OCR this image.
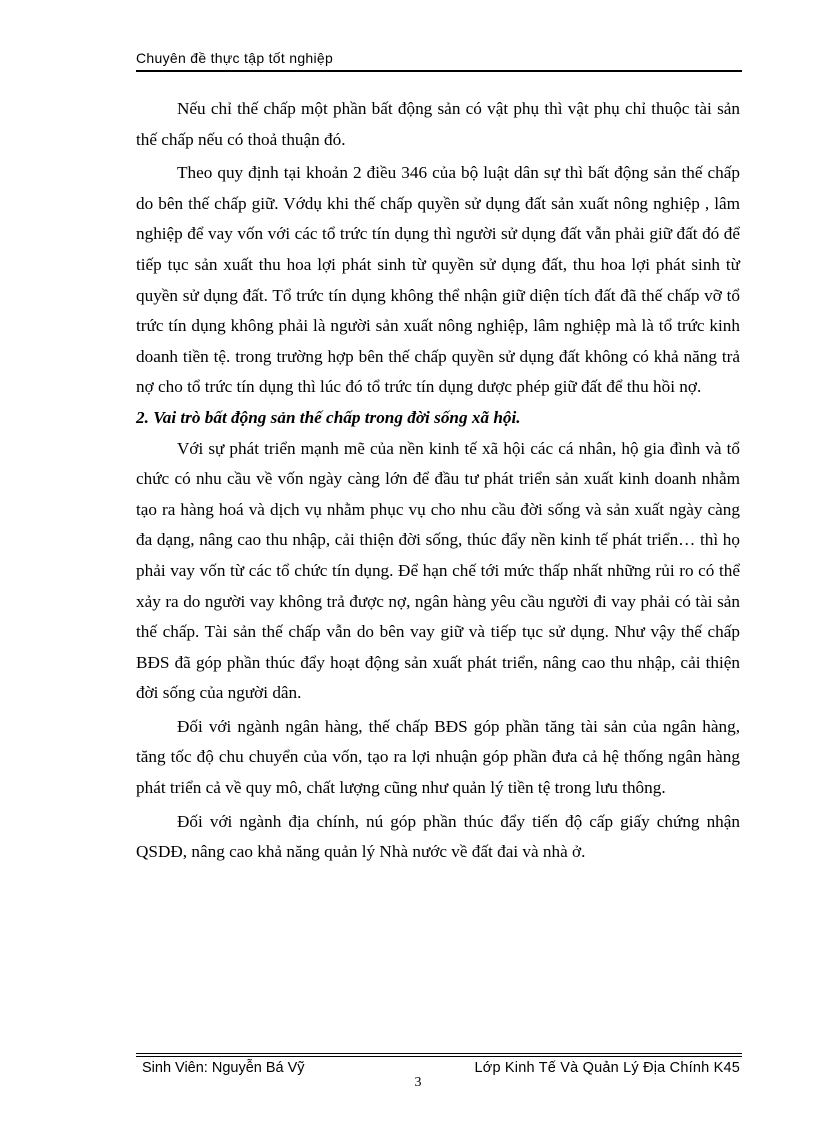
Chuyên đề thực tập tốt nghiệp

Nếu chỉ thế chấp một phần bất động sản có vật phụ thì vật phụ chỉ thuộc tài sản thế chấp nếu có thoả thuận đó.

Theo quy định tại khoản 2 điều 346 của bộ luật dân sự thì bất động sản thế chấp do bên thế chấp giữ. Vớdụ khi thế chấp quyền sử dụng đất sản xuất nông nghiệp , lâm nghiệp để vay vốn với các tổ trức tín dụng thì người sử dụng đất vẫn phải giữ đất đó để tiếp tục sản xuất thu hoa lợi phát sinh từ quyền sử dụng đất, thu hoa lợi phát sinh từ quyền sử dụng đất. Tổ trức tín dụng không thể nhận giữ diện tích đất đã thế chấp vỡ tổ trức tín dụng không phải là người sản xuất nông nghiệp, lâm nghiệp mà là tổ trức kinh doanh tiền tệ. trong trường hợp bên thế chấp quyền sử dụng đất không có khả năng trả nợ cho tổ trức tín dụng thì lúc đó tổ trức tín dụng dược phép giữ đất để thu hồi nợ.

2. Vai trò bất động sản thế chấp trong đời sống xã hội.

Với sự phát triển mạnh mẽ của nền kinh tế xã hội các cá nhân, hộ gia đình và tổ chức có nhu cầu về vốn ngày càng lớn để đầu tư phát triển sản xuất kinh doanh nhằm tạo ra hàng hoá và dịch vụ nhằm phục vụ cho nhu cầu đời sống và sản xuất ngày càng đa dạng, nâng cao thu nhập, cải thiện đời sống, thúc đẩy nền kinh tế phát triển… thì họ phải vay vốn từ các tổ chức tín dụng. Để hạn chế tới mức thấp nhất những rủi ro có thể xảy ra do người vay không trả được nợ, ngân hàng yêu cầu người đi vay phải có tài sản thế chấp. Tài sản thế chấp vẫn do bên vay giữ và tiếp tục sử dụng. Như vậy thế chấp BĐS đã góp phần thúc đẩy hoạt động sản xuất phát triển, nâng cao thu nhập, cải thiện đời sống của người dân.

Đối với ngành ngân hàng, thế chấp BĐS góp phần tăng tài sản của ngân hàng, tăng tốc độ chu chuyển của vốn, tạo ra lợi nhuận góp phần đưa cả hệ thống ngân hàng phát triển cả về quy mô, chất lượng cũng như quản lý tiền tệ trong lưu thông.

Đối với ngành địa chính, nú góp phần thúc đẩy tiến độ cấp giấy chứng nhận QSDĐ, nâng cao khả năng quản lý Nhà nước về đất đai và nhà ở.

Sinh Viên: Nguyễn Bá Vỹ	Lớp Kinh Tế Và Quản Lý Địa Chính K45
3
